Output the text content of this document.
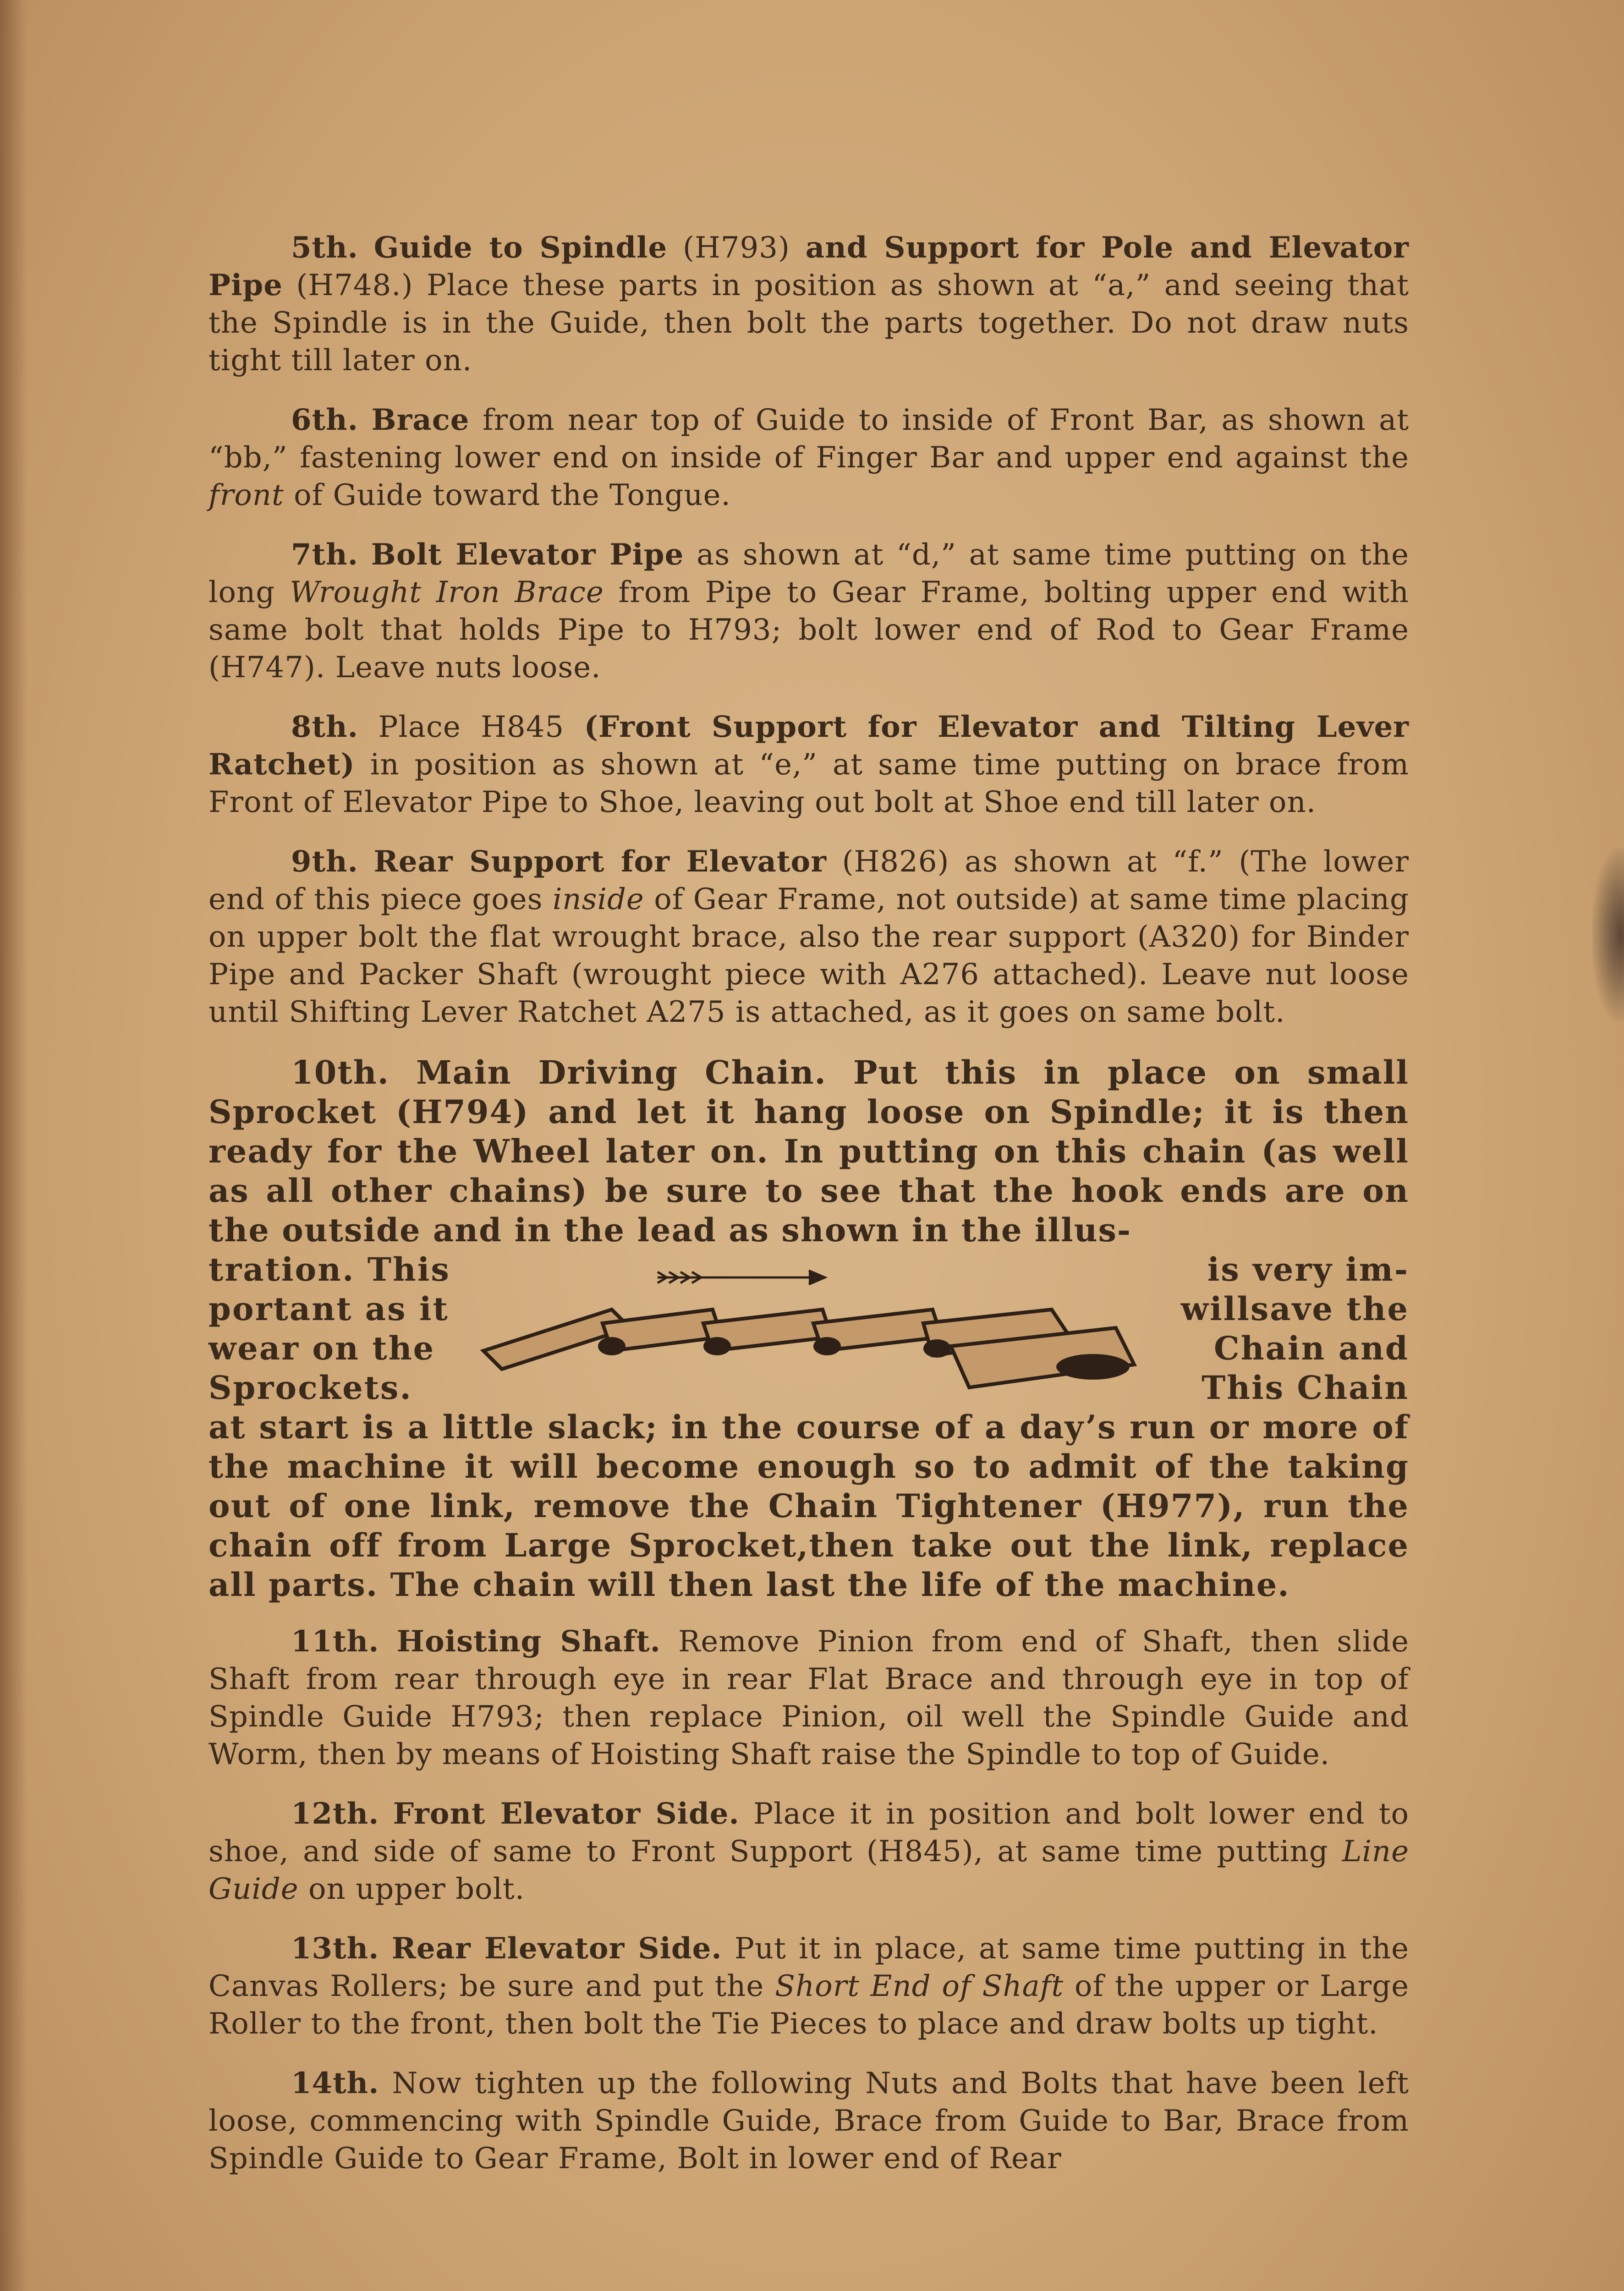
5th. Guide to Spindle (H793) and Support for Pole and Elevator Pipe (H748.) Place these parts in position as shown at “a,” and seeing that the Spindle is in the Guide, then bolt the parts together. Do not draw nuts tight till later on.

6th. Brace from near top of Guide to inside of Front Bar, as shown at “bb,” fastening lower end on inside of Finger Bar and upper end against the front of Guide toward the Tongue.

7th. Bolt Elevator Pipe as shown at “d,” at same time putting on the long Wrought Iron Brace from Pipe to Gear Frame, bolting upper end with same bolt that holds Pipe to H793; bolt lower end of Rod to Gear Frame (H747). Leave nuts loose.

8th. Place H845 (Front Support for Elevator and Tilting Lever Ratchet) in position as shown at “e,” at same time putting on brace from Front of Elevator Pipe to Shoe, leaving out bolt at Shoe end till later on.

9th. Rear Support for Elevator (H826) as shown at “f.” (The lower end of this piece goes inside of Gear Frame, not outside) at same time placing on upper bolt the flat wrought brace, also the rear support (A320) for Binder Pipe and Packer Shaft (wrought piece with A276 attached). Leave nut loose until Shifting Lever Ratchet A275 is attached, as it goes on same bolt.

10th. Main Driving Chain. Put this in place on small Sprocket (H794) and let it hang loose on Spindle; it is then ready for the Wheel later on. In putting on this chain (as well as all other chains) be sure to see that the hook ends are on the outside and in the lead as shown in the illus-

tration. This
portant as it
wear on the
Sprockets.
is very im-
willsave the
Chain and
This Chain

at start is a little slack; in the course of a day’s run or more of the machine it will become enough so to admit of the taking out of one link, remove the Chain Tightener (H977), run the chain off from Large Sprocket,then take out the link, replace all parts. The chain will then last the life of the machine.

11th. Hoisting Shaft. Remove Pinion from end of Shaft, then slide Shaft from rear through eye in rear Flat Brace and through eye in top of Spindle Guide H793; then replace Pinion, oil well the Spindle Guide and Worm, then by means of Hoisting Shaft raise the Spindle to top of Guide.

12th. Front Elevator Side. Place it in position and bolt lower end to shoe, and side of same to Front Support (H845), at same time putting Line Guide on upper bolt.

13th. Rear Elevator Side. Put it in place, at same time putting in the Canvas Rollers; be sure and put the Short End of Shaft of the upper or Large Roller to the front, then bolt the Tie Pieces to place and draw bolts up tight.

14th. Now tighten up the following Nuts and Bolts that have been left loose, commencing with Spindle Guide, Brace from Guide to Bar, Brace from Spindle Guide to Gear Frame, Bolt in lower end of Rear
